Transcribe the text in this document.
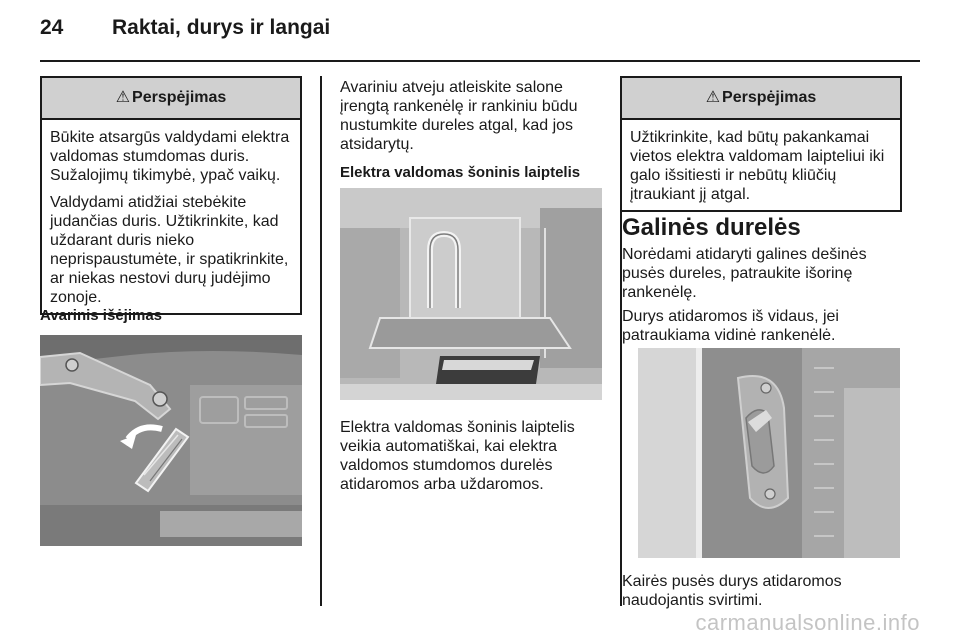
24 Raktai, durys ir langai
⚠ Perspėjimas

Būkite atsargūs valdydami elektra valdomas stumdomas duris. Sužalojimų tikimybė, ypač vaikų.

Valdydami atidžiai stebėkite judančias duris. Užtikrinkite, kad uždarant duris nieko neprispaustumėte, ir spatikrinkite, ar niekas nestovi durų judėjimo zonoje.

Avarinis išėjimas

Avariniu atveju atleiskite salone įrengtą rankenėlę ir rankiniu būdu nustumkite dureles atgal, kad jos atsidarytų.

Elektra valdomas šoninis laiptelis

Elektra valdomas šoninis laiptelis veikia automatiškai, kai elektra valdomos stumdomos durelės atidaromos arba uždaromos.

⚠ Perspėjimas

Užtikrinkite, kad būtų pakankamai vietos elektra valdomam laipteliui iki galo išsitiesti ir nebūtų kliūčių įtraukiant jį atgal.

Galinės durelės

Norėdami atidaryti galines dešinės pusės dureles, patraukite išorinę rankenėlę.

Durys atidaromos iš vidaus, jei patraukiama vidinė rankenėlė.

Kairės pusės durys atidaromos naudojantis svirtimi.

carmanualsonline.info
